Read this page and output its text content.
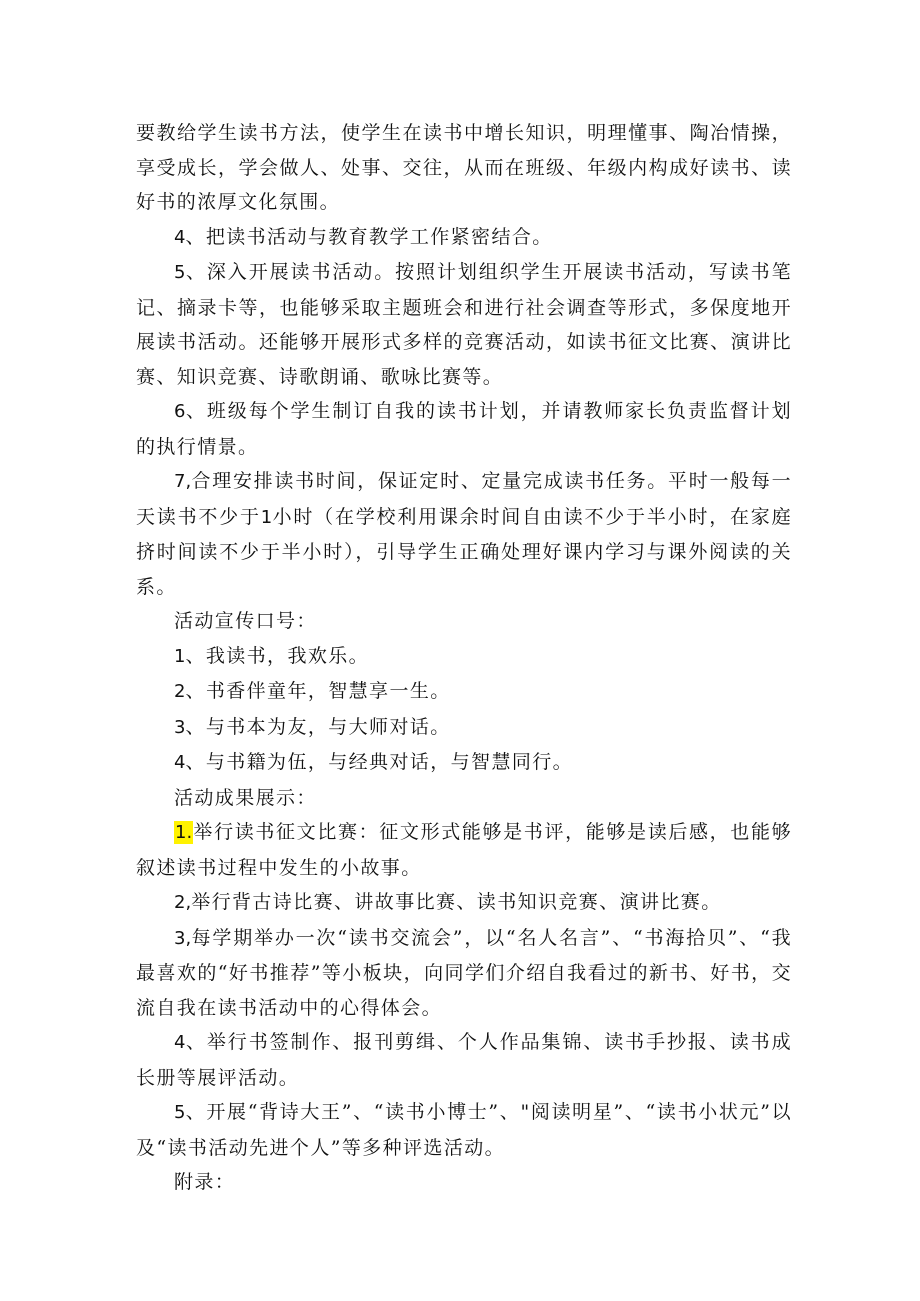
要教给学生读书方法，使学生在读书中增长知识，明理懂事、陶冶情操，享受成长，学会做人、处事、交往，从而在班级、年级内构成好读书、读好书的浓厚文化氛围。

4、把读书活动与教育教学工作紧密结合。

5、深入开展读书活动。按照计划组织学生开展读书活动，写读书笔记、摘录卡等，也能够采取主题班会和进行社会调查等形式，多保度地开展读书活动。还能够开展形式多样的竞赛活动，如读书征文比赛、演讲比赛、知识竞赛、诗歌朗诵、歌咏比赛等。

6、班级每个学生制订自我的读书计划，并请教师家长负责监督计划的执行情景。

7,合理安排读书时间，保证定时、定量完成读书任务。平时一般每一天读书不少于1小时（在学校利用课余时间自由读不少于半小时，在家庭挤时间读不少于半小时），引导学生正确处理好课内学习与课外阅读的关系。

活动宣传口号：

1、我读书，我欢乐。

2、书香伴童年，智慧享一生。

3、与书本为友，与大师对话。

4、与书籍为伍，与经典对话，与智慧同行。

活动成果展示：

1.举行读书征文比赛：征文形式能够是书评，能够是读后感，也能够叙述读书过程中发生的小故事。

2,举行背古诗比赛、讲故事比赛、读书知识竞赛、演讲比赛。

3,每学期举办一次“读书交流会”，以“名人名言”、“书海拾贝”、“我最喜欢的“好书推荐”等小板块，向同学们介绍自我看过的新书、好书，交流自我在读书活动中的心得体会。

4、举行书签制作、报刊剪缉、个人作品集锦、读书手抄报、读书成长册等展评活动。

5、开展“背诗大王”、“读书小博士”、"阅读明星”、“读书小状元”以及“读书活动先进个人”等多种评选活动。

附录：
